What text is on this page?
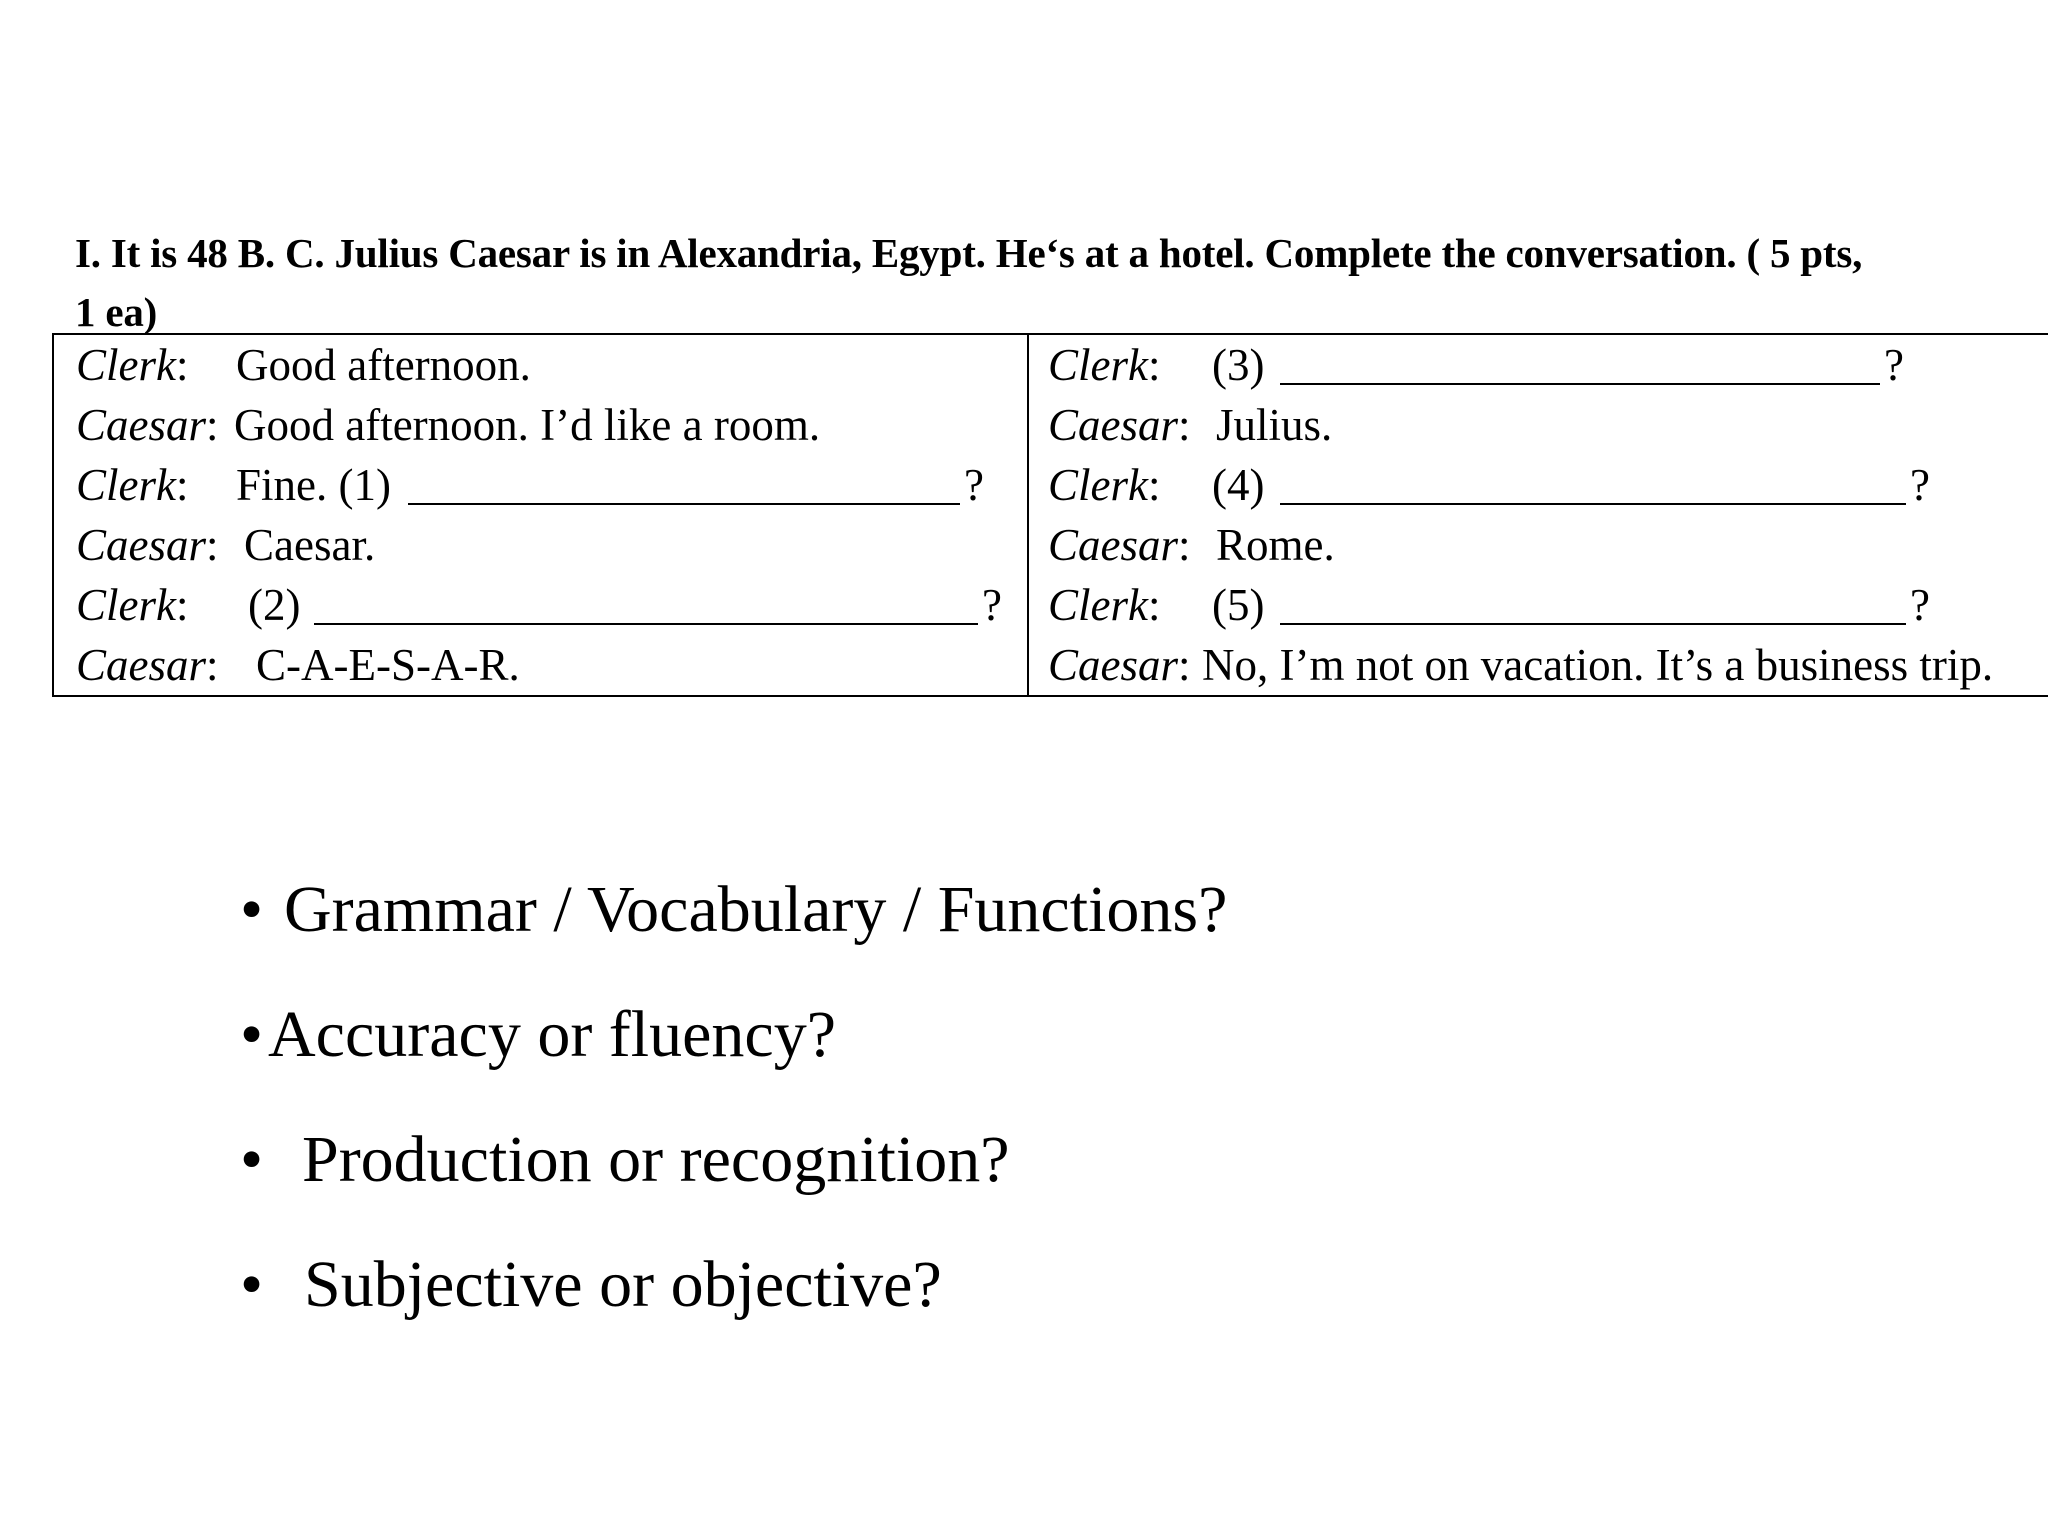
I. It is 48 B. C. Julius Caesar is in Alexandria, Egypt. He‘s at a hotel. Complete the conversation. ( 5 pts, 1 ea)
Clerk: Good afternoon.
Caesar: Good afternoon. I’d like a room.
Clerk: Fine. (1)	?
Caesar: Caesar.
Clerk: (2)	?
Caesar: C-A-E-S-A-R.
Clerk: (3)	?
Caesar: Julius.
Clerk: (4)	?
Caesar: Rome.
Clerk: (5)	?
Caesar: No, I’m not on vacation. It’s a business trip.
• Grammar / Vocabulary / Functions?
• Accuracy or fluency?
• Production or recognition?
• Subjective or objective?
